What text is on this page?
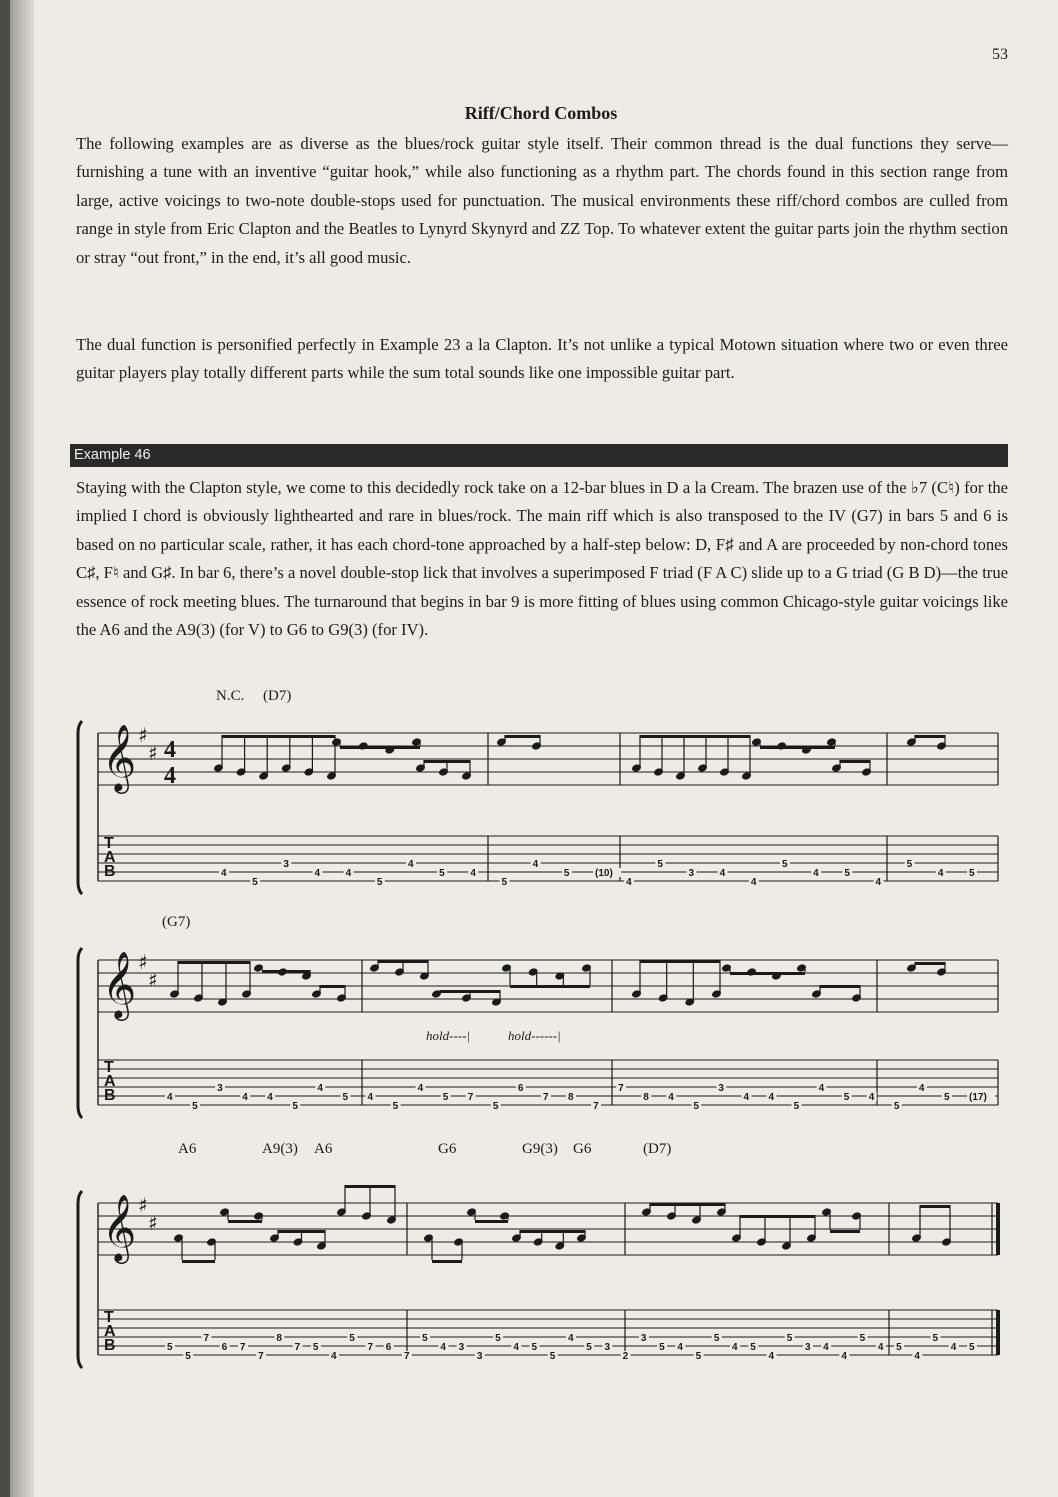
53
Riff/Chord Combos

The following examples are as diverse as the blues/rock guitar style itself. Their common thread is the dual functions they serve—furnishing a tune with an inventive “guitar hook,” while also functioning as a rhythm part. The chords found in this section range from large, active voicings to two-note double-stops used for punctuation. The musical environments these riff/chord combos are culled from range in style from Eric Clapton and the Beatles to Lynyrd Skynyrd and ZZ Top. To whatever extent the guitar parts join the rhythm section or stray “out front,” in the end, it’s all good music.

The dual function is personified perfectly in Example 23 a la Clapton. It’s not unlike a typical Motown situation where two or even three guitar players play totally different parts while the sum total sounds like one impossible guitar part.

Example 46

Staying with the Clapton style, we come to this decidedly rock take on a 12-bar blues in D a la Cream. The brazen use of the ♭7 (C♮) for the implied I chord is obviously lighthearted and rare in blues/rock. The main riff which is also transposed to the IV (G7) in bars 5 and 6 is based on no particular scale, rather, it has each chord-tone approached by a half-step below: D, F♯ and A are proceeded by non-chord tones C♯, F♮ and G♯. In bar 6, there’s a novel double-stop lick that involves a superimposed F triad (F A C) slide up to a G triad (G B D)—the true essence of rock meeting blues. The turnaround that begins in bar 9 is more fitting of blues using common Chicago-style guitar voicings like the A6 and the A9(3) (for V) to G6 to G9(3) (for IV).

N.C. (D7)
(G7)
A6	A9(3) A6	G6	G9(3) G6	(D7)
hold----|	hold------|
𝄞 ♯
♯ 4
4
T
A
B
𝄞 ♯
♯
T
A
B
𝄞 ♯
♯
T
A
B
4
5
3
4	4
5
4
5	4
5
4
5	(10)
4
5
3	4
4
5
4	5
4
5
4	5
4
5
3
4 4
5
4
5 4
5
4
5 7
5
6
7 8
7
7
8 4
5
3
4 4
5
4
5 4
5
4
5 (17)
5
5
7
6 7
7
8
7 5
4
5
7 6
7
5
4 3
3
5
4 5
5
4
5 3
2
3
5 4
5
5
4 5
4
5
3 4
4
5
4 5
4
5
4 5
